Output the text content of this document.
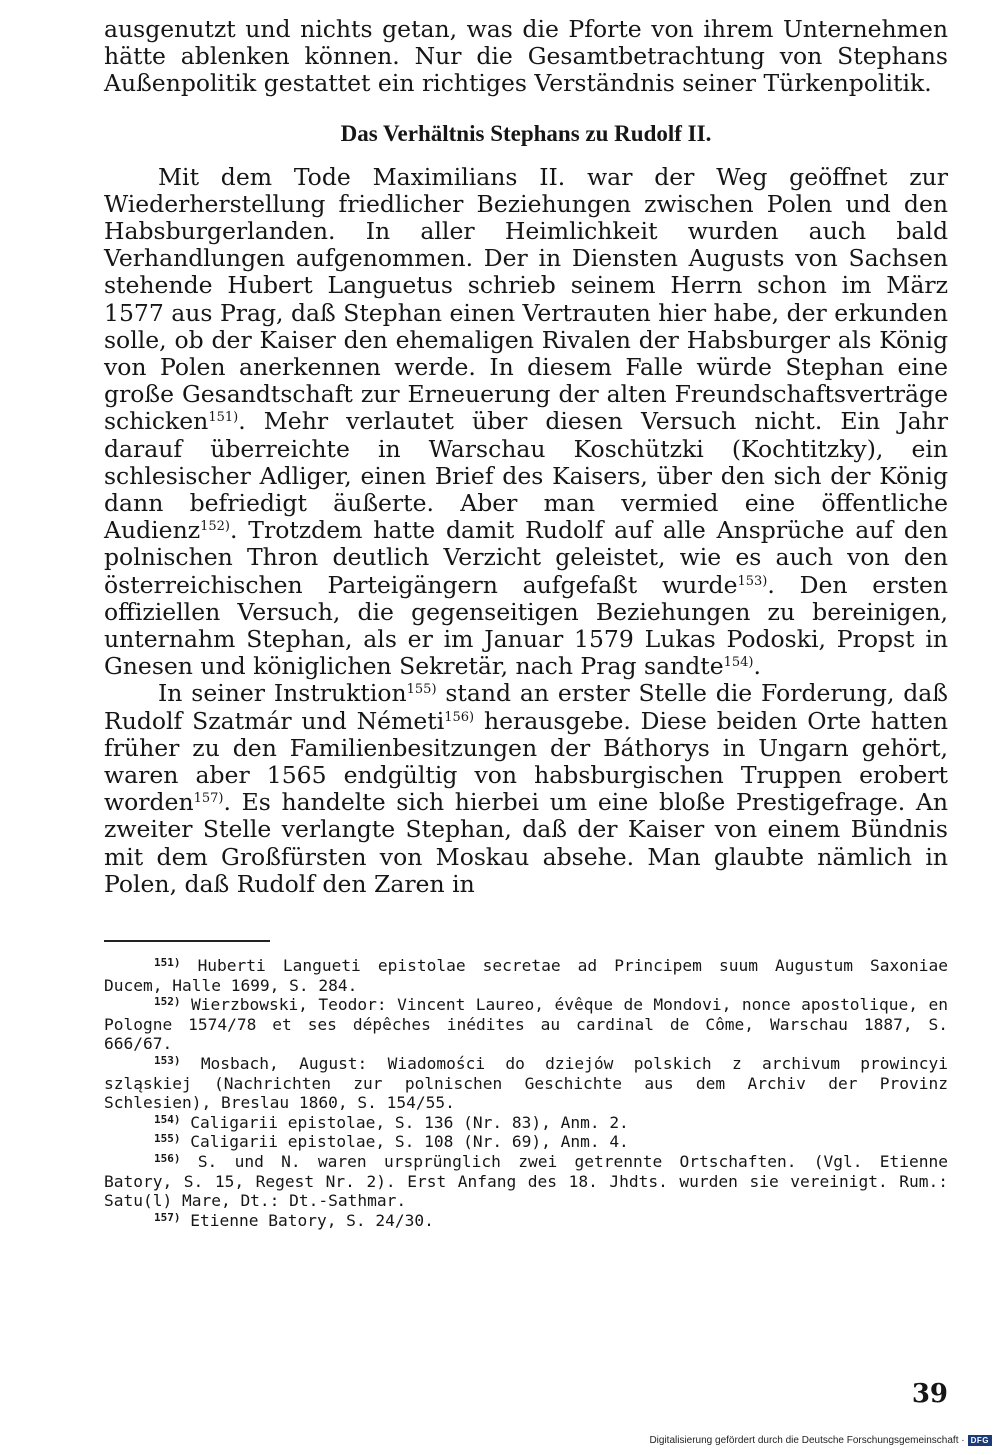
ausgenutzt und nichts getan, was die Pforte von ihrem Unternehmen hätte ablenken können. Nur die Gesamtbetrachtung von Stephans Außenpolitik gestattet ein richtiges Verständnis seiner Türkenpolitik.

Das Verhältnis Stephans zu Rudolf II.

Mit dem Tode Maximilians II. war der Weg geöffnet zur Wiederherstellung friedlicher Beziehungen zwischen Polen und den Habsburgerlanden. In aller Heimlichkeit wurden auch bald Verhandlungen aufgenommen. Der in Diensten Augusts von Sachsen stehende Hubert Languetus schrieb seinem Herrn schon im März 1577 aus Prag, daß Stephan einen Vertrauten hier habe, der erkunden solle, ob der Kaiser den ehemaligen Rivalen der Habsburger als König von Polen anerkennen werde. In diesem Falle würde Stephan eine große Gesandtschaft zur Erneuerung der alten Freundschaftsverträge schicken$^{151)}$. Mehr verlautet über diesen Versuch nicht. Ein Jahr darauf überreichte in Warschau Koschützki (Kochtitzky), ein schlesischer Adliger, einen Brief des Kaisers, über den sich der König dann befriedigt äußerte. Aber man vermied eine öffentliche Audienz$^{152)}$. Trotzdem hatte damit Rudolf auf alle Ansprüche auf den polnischen Thron deutlich Verzicht geleistet, wie es auch von den österreichischen Parteigängern aufgefaßt wurde$^{153)}$. Den ersten offiziellen Versuch, die gegenseitigen Beziehungen zu bereinigen, unternahm Stephan, als er im Januar 1579 Lukas Podoski, Propst in Gnesen und königlichen Sekretär, nach Prag sandte$^{154)}$.

In seiner Instruktion$^{155)}$ stand an erster Stelle die Forderung, daß Rudolf Szatmár und Németi$^{156)}$ herausgebe. Diese beiden Orte hatten früher zu den Familienbesitzungen der Báthorys in Ungarn gehört, waren aber 1565 endgültig von habsburgischen Truppen erobert worden$^{157)}$. Es handelte sich hierbei um eine bloße Prestigefrage. An zweiter Stelle verlangte Stephan, daß der Kaiser von einem Bündnis mit dem Großfürsten von Moskau absehe. Man glaubte nämlich in Polen, daß Rudolf den Zaren in

$^{151)}$ Huberti Langueti epistolae secretae ad Principem suum Augustum Saxoniae Ducem, Halle 1699, S. 284.

$^{152)}$ Wierzbowski, Teodor: Vincent Laureo, évêque de Mondovi, nonce apostolique, en Pologne 1574/78 et ses dépêches inédites au cardinal de Côme, Warschau 1887, S. 666/67.

$^{153)}$ Mosbach, August: Wiadomości do dziejów polskich z archivum prowincyi szląskiej (Nachrichten zur polnischen Geschichte aus dem Archiv der Provinz Schlesien), Breslau 1860, S. 154/55.

$^{154)}$ Caligarii epistolae, S. 136 (Nr. 83), Anm. 2.

$^{155)}$ Caligarii epistolae, S. 108 (Nr. 69), Anm. 4.

$^{156)}$ S. und N. waren ursprünglich zwei getrennte Ortschaften. (Vgl. Etienne Batory, S. 15, Regest Nr. 2). Erst Anfang des 18. Jhdts. wurden sie vereinigt. Rum.: Satu(l) Mare, Dt.: Dt.-Sathmar.

$^{157)}$ Etienne Batory, S. 24/30.

39
Digitalisierung gefördert durch die Deutsche Forschungsgemeinschaft · DFG
